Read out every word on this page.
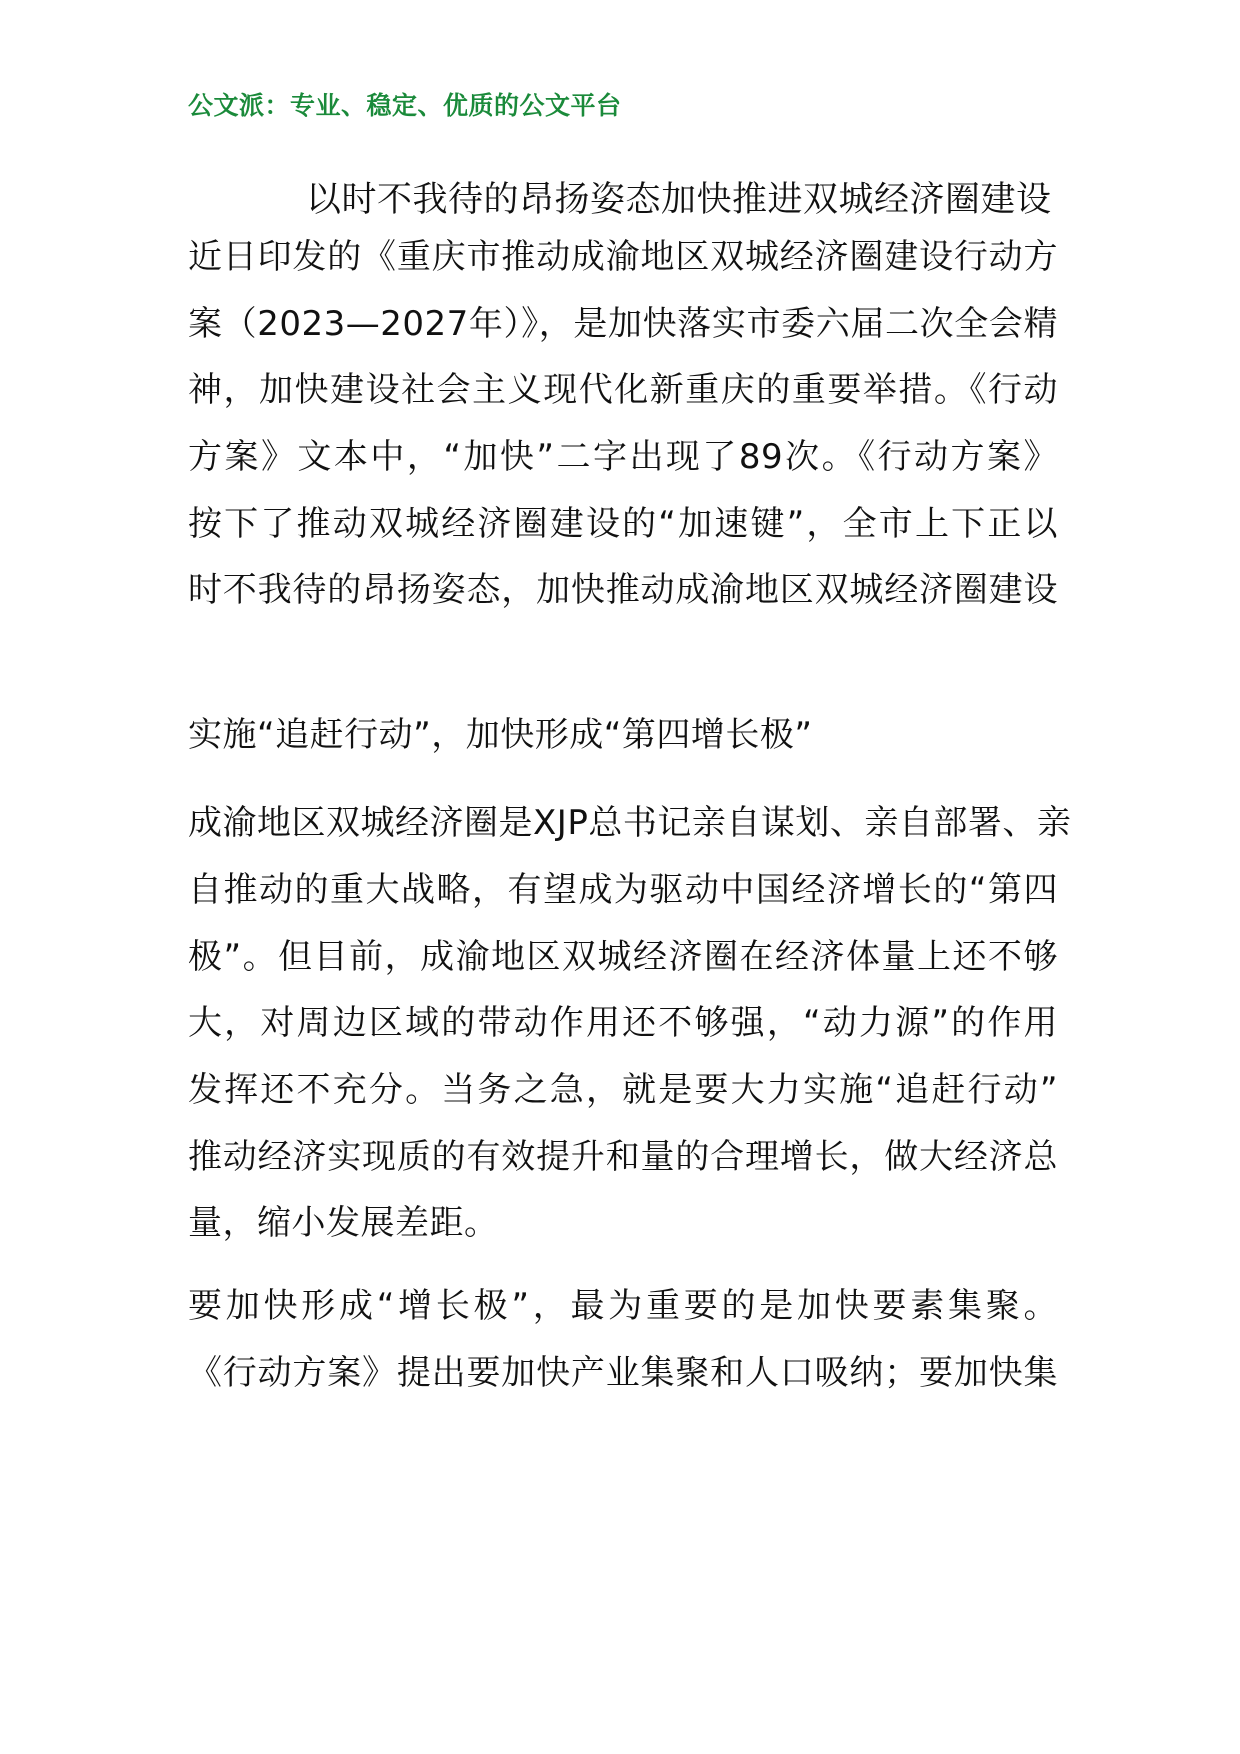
公文派：专业、稳定、优质的公文平台
以时不我待的昂扬姿态加快推进双城经济圈建设
近日印发的《重庆市推动成渝地区双城经济圈建设行动方
案（2023—2027年）》，是加快落实市委六届二次全会精
神，加快建设社会主义现代化新重庆的重要举措。《行动
方案》文本中，“加快”二字出现了89次。《行动方案》
按下了推动双城经济圈建设的“加速键”，全市上下正以
时不我待的昂扬姿态，加快推动成渝地区双城经济圈建设
实施“追赶行动”，加快形成“第四增长极”
成渝地区双城经济圈是XJP总书记亲自谋划、亲自部署、亲
自推动的重大战略，有望成为驱动中国经济增长的“第四
极”。但目前，成渝地区双城经济圈在经济体量上还不够
大，对周边区域的带动作用还不够强，“动力源”的作用
发挥还不充分。当务之急，就是要大力实施“追赶行动”
推动经济实现质的有效提升和量的合理增长，做大经济总
量，缩小发展差距。
要加快形成“增长极”，最为重要的是加快要素集聚。
《行动方案》提出要加快产业集聚和人口吸纳；要加快集
